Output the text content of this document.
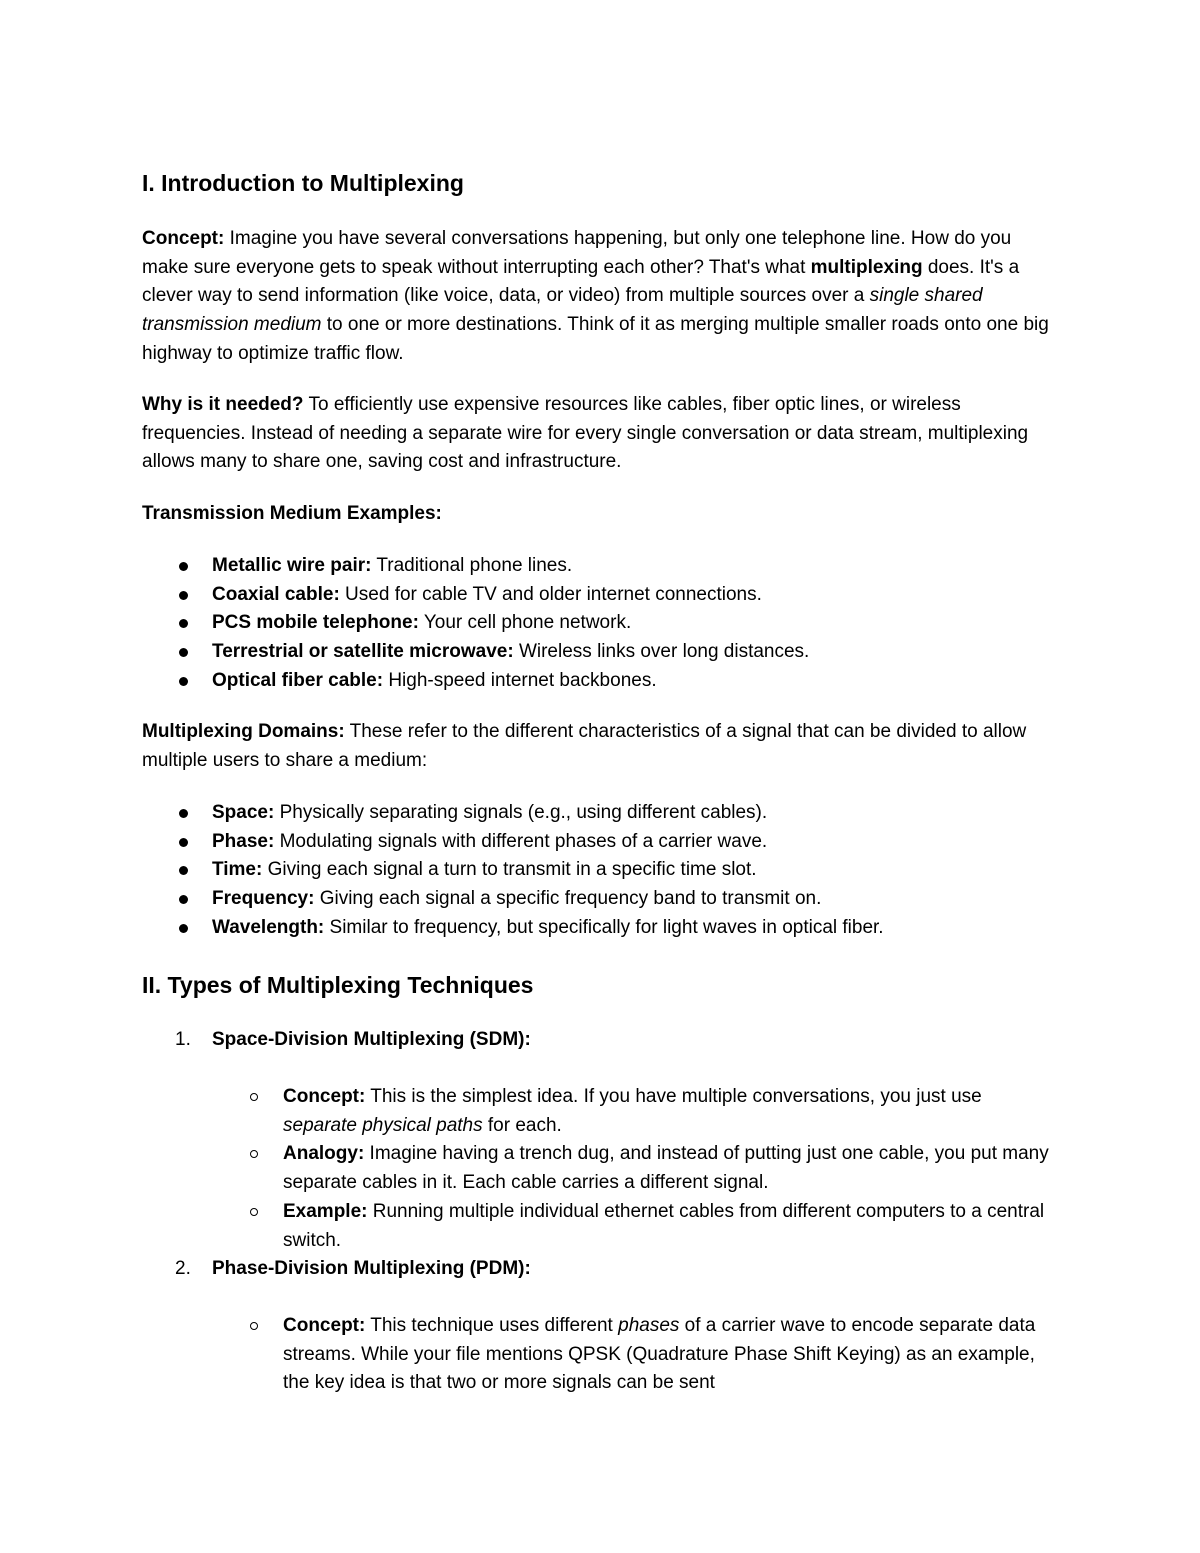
I. Introduction to Multiplexing

Concept: Imagine you have several conversations happening, but only one telephone line. How do you make sure everyone gets to speak without interrupting each other? That's what multiplexing does. It's a clever way to send information (like voice, data, or video) from multiple sources over a single shared transmission medium to one or more destinations. Think of it as merging multiple smaller roads onto one big highway to optimize traffic flow.

Why is it needed? To efficiently use expensive resources like cables, fiber optic lines, or wireless frequencies. Instead of needing a separate wire for every single conversation or data stream, multiplexing allows many to share one, saving cost and infrastructure.

Transmission Medium Examples:

Metallic wire pair: Traditional phone lines.
Coaxial cable: Used for cable TV and older internet connections.
PCS mobile telephone: Your cell phone network.
Terrestrial or satellite microwave: Wireless links over long distances.
Optical fiber cable: High-speed internet backbones.

Multiplexing Domains: These refer to the different characteristics of a signal that can be divided to allow multiple users to share a medium:

Space: Physically separating signals (e.g., using different cables).
Phase: Modulating signals with different phases of a carrier wave.
Time: Giving each signal a turn to transmit in a specific time slot.
Frequency: Giving each signal a specific frequency band to transmit on.
Wavelength: Similar to frequency, but specifically for light waves in optical fiber.
II. Types of Multiplexing Techniques
1. Space-Division Multiplexing (SDM):
Concept: This is the simplest idea. If you have multiple conversations, you just use separate physical paths for each.
Analogy: Imagine having a trench dug, and instead of putting just one cable, you put many separate cables in it. Each cable carries a different signal.
Example: Running multiple individual ethernet cables from different computers to a central switch.
2. Phase-Division Multiplexing (PDM):
Concept: This technique uses different phases of a carrier wave to encode separate data streams. While your file mentions QPSK (Quadrature Phase Shift Keying) as an example, the key idea is that two or more signals can be sent
